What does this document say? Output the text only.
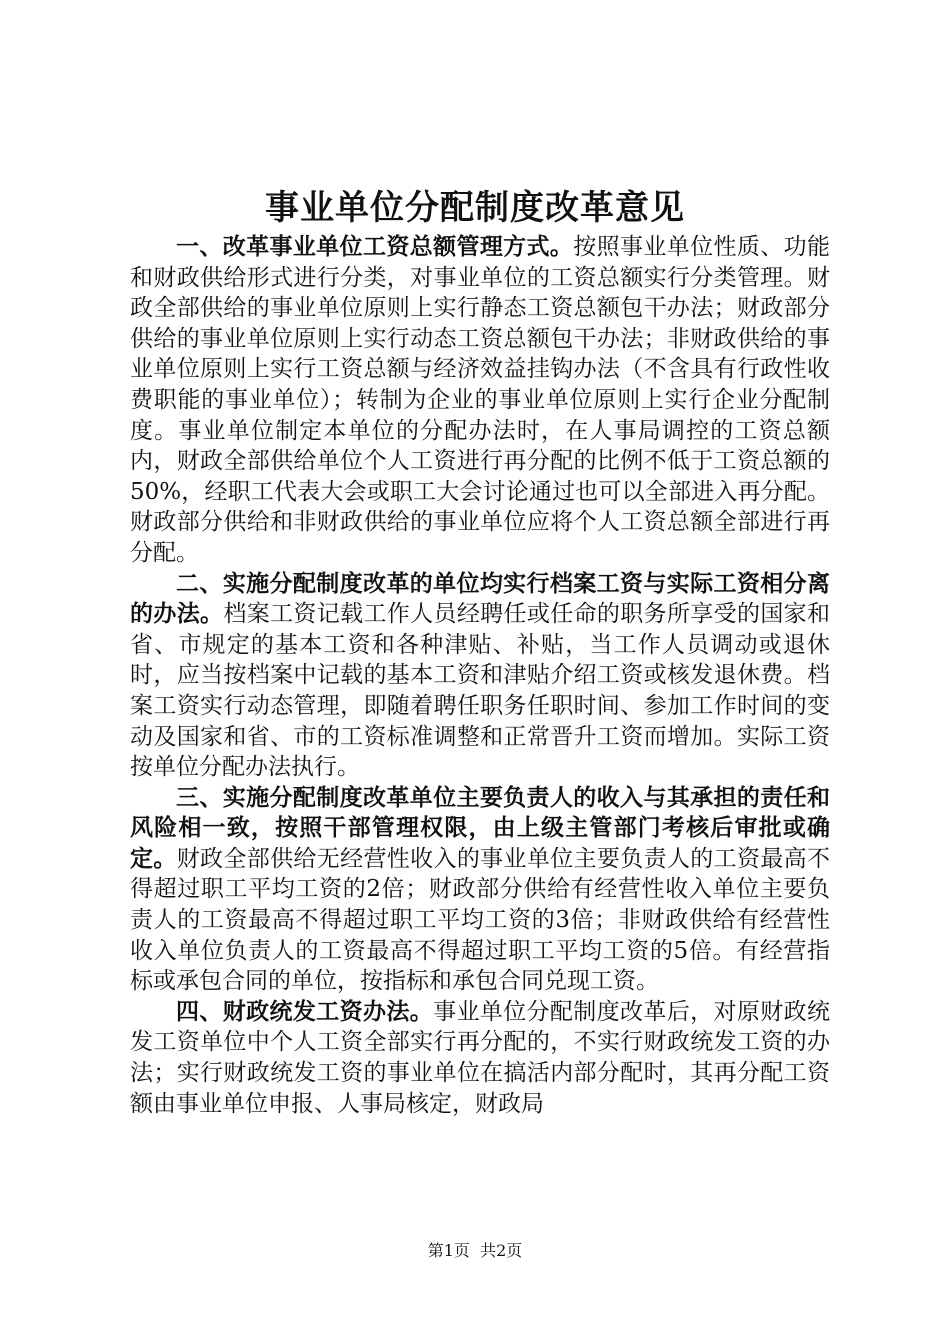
事业单位分配制度改革意见

一、改革事业单位工资总额管理方式。按照事业单位性质、功能和财政供给形式进行分类，对事业单位的工资总额实行分类管理。财政全部供给的事业单位原则上实行静态工资总额包干办法；财政部分供给的事业单位原则上实行动态工资总额包干办法；非财政供给的事业单位原则上实行工资总额与经济效益挂钩办法（不含具有行政性收费职能的事业单位）；转制为企业的事业单位原则上实行企业分配制度。事业单位制定本单位的分配办法时，在人事局调控的工资总额内，财政全部供给单位个人工资进行再分配的比例不低于工资总额的50%，经职工代表大会或职工大会讨论通过也可以全部进入再分配。财政部分供给和非财政供给的事业单位应将个人工资总额全部进行再分配。

二、实施分配制度改革的单位均实行档案工资与实际工资相分离的办法。档案工资记载工作人员经聘任或任命的职务所享受的国家和省、市规定的基本工资和各种津贴、补贴，当工作人员调动或退休时，应当按档案中记载的基本工资和津贴介绍工资或核发退休费。档案工资实行动态管理，即随着聘任职务任职时间、参加工作时间的变动及国家和省、市的工资标准调整和正常晋升工资而增加。实际工资按单位分配办法执行。

三、实施分配制度改革单位主要负责人的收入与其承担的责任和风险相一致，按照干部管理权限，由上级主管部门考核后审批或确定。财政全部供给无经营性收入的事业单位主要负责人的工资最高不得超过职工平均工资的2倍；财政部分供给有经营性收入单位主要负责人的工资最高不得超过职工平均工资的3倍；非财政供给有经营性收入单位负责人的工资最高不得超过职工平均工资的5倍。有经营指标或承包合同的单位，按指标和承包合同兑现工资。

四、财政统发工资办法。事业单位分配制度改革后，对原财政统发工资单位中个人工资全部实行再分配的，不实行财政统发工资的办法；实行财政统发工资的事业单位在搞活内部分配时，其再分配工资额由事业单位申报、人事局核定，财政局

第1页 共2页
